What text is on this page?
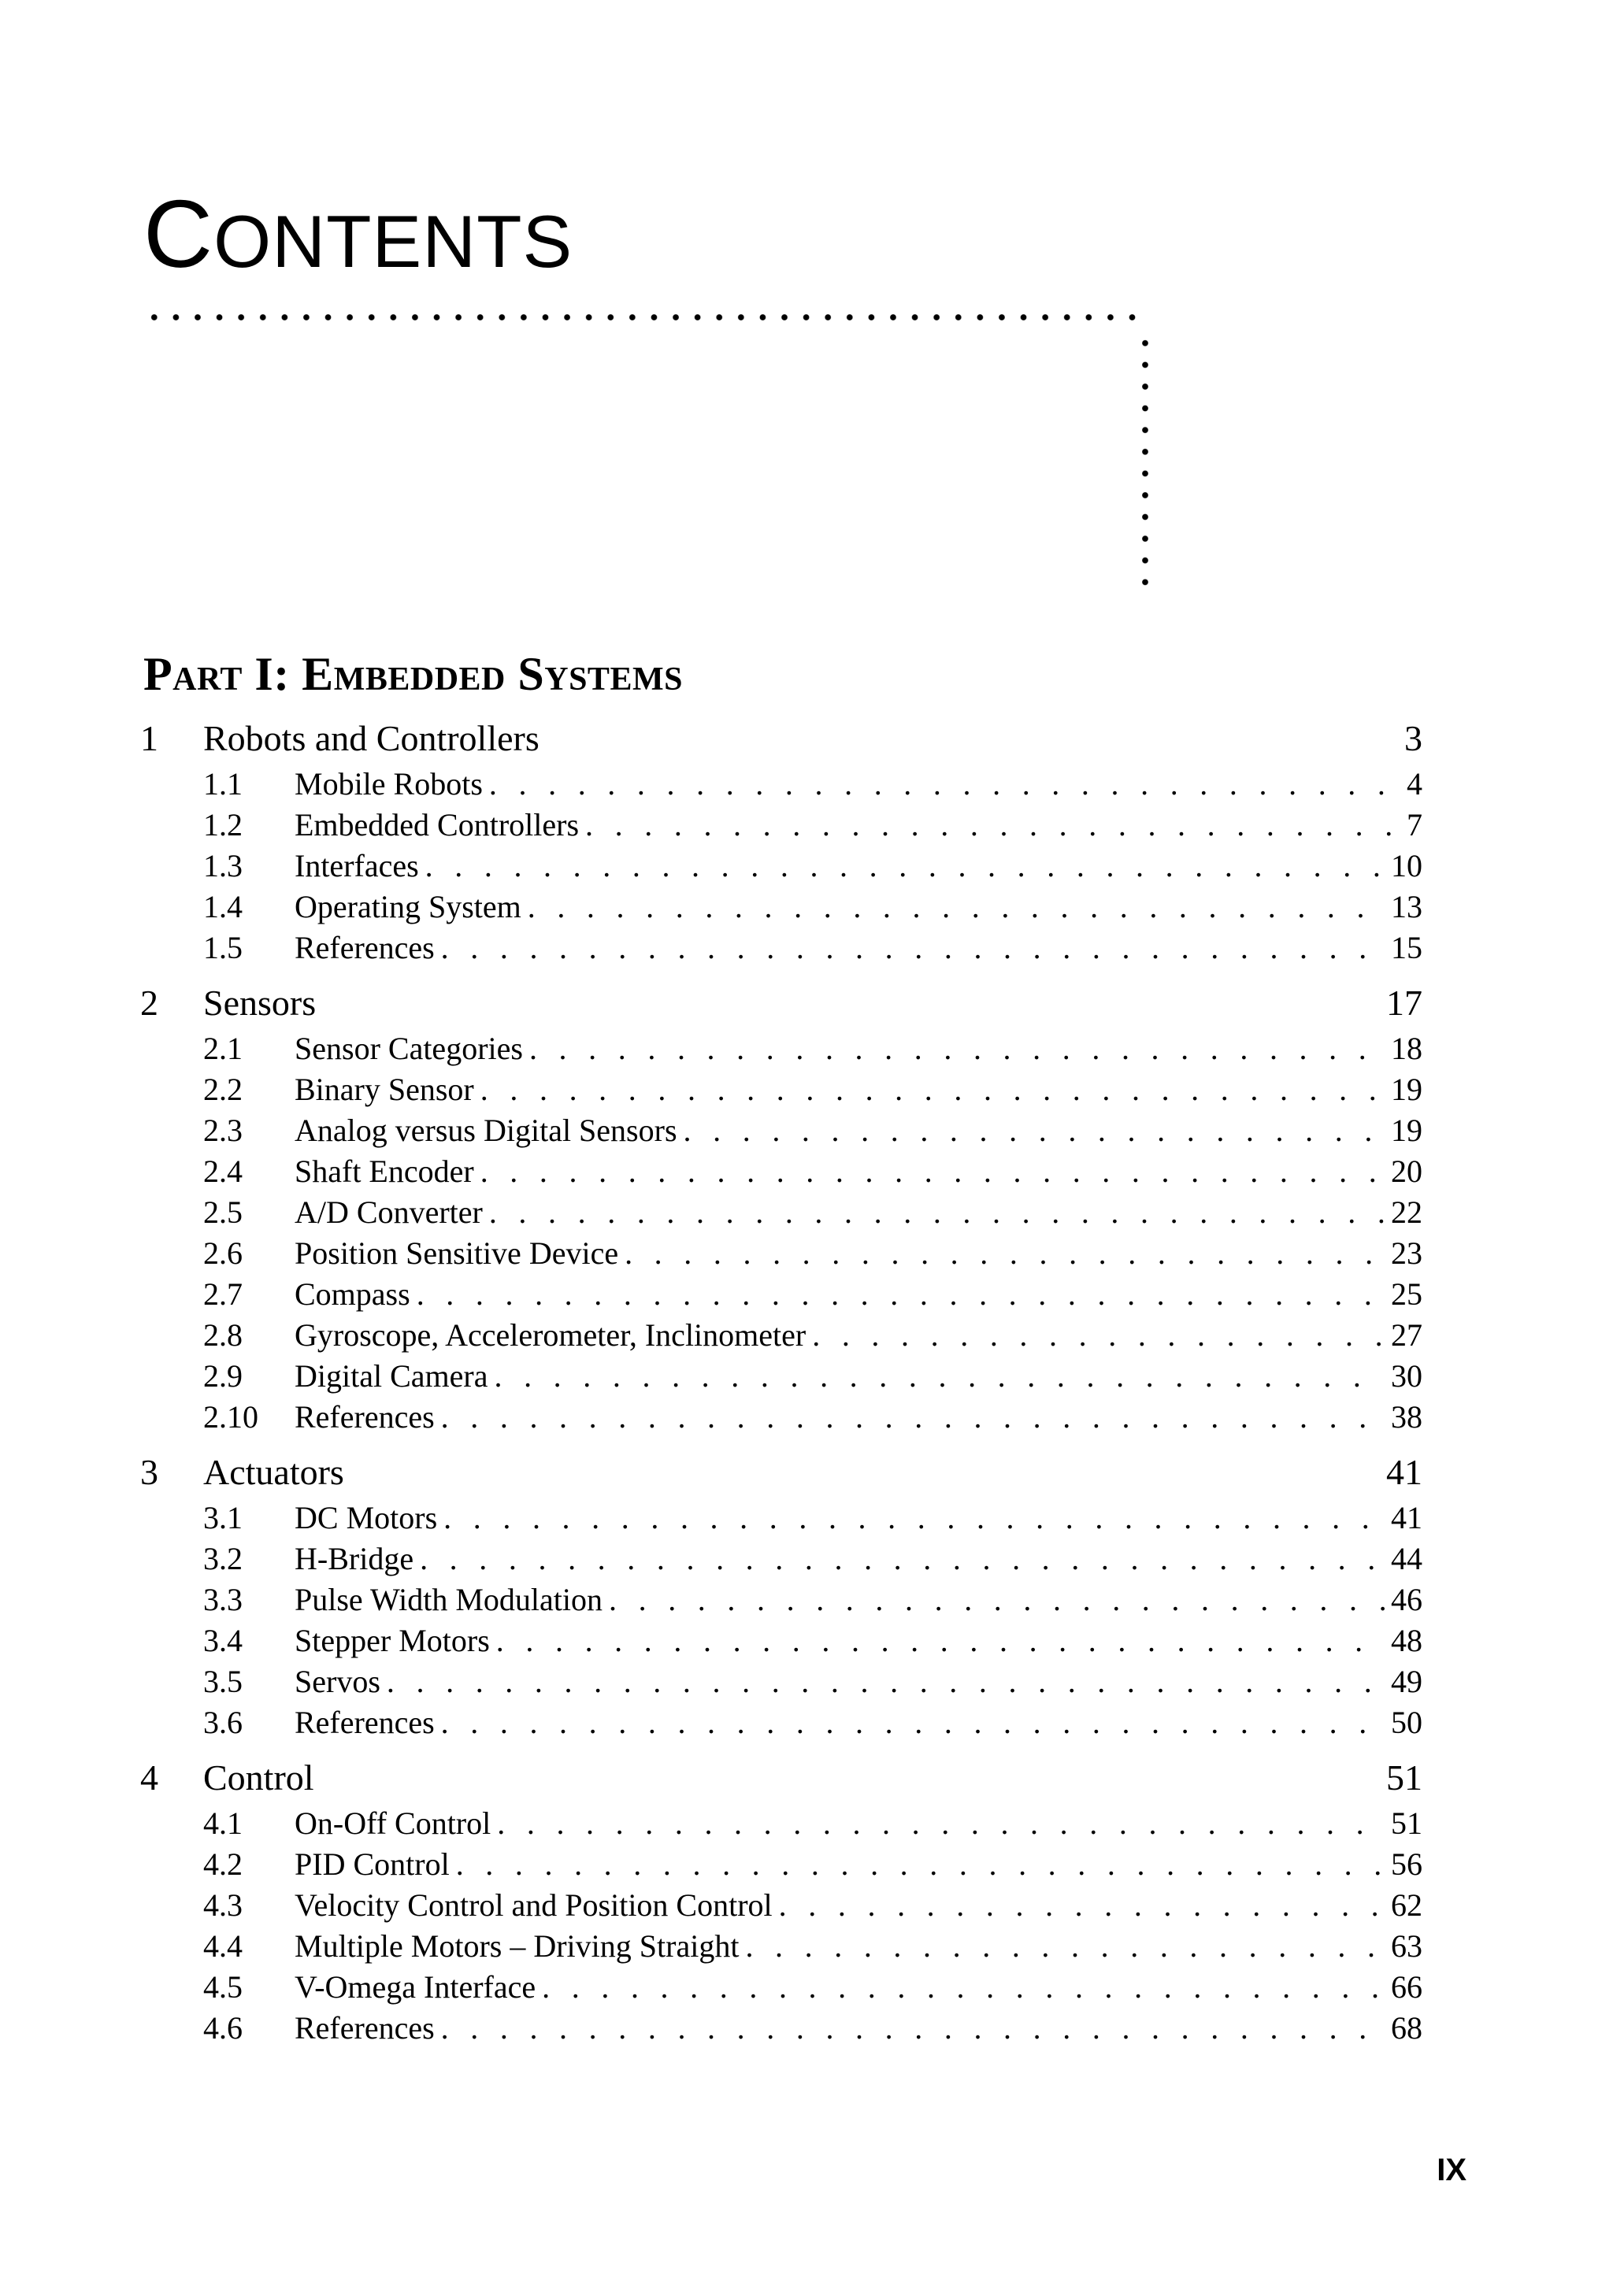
CONTENTS
Part I: Embedded Systems
1 Robots and Controllers	3
1.1 Mobile Robots . . .	4
1.2 Embedded Controllers . . .	7
1.3 Interfaces . . .	10
1.4 Operating System . . .	13
1.5 References . . .	15
2 Sensors	17
2.1 Sensor Categories . . .	18
2.2 Binary Sensor . . .	19
2.3 Analog versus Digital Sensors . . .	19
2.4 Shaft Encoder . . .	20
2.5 A/D Converter . . .	22
2.6 Position Sensitive Device . . .	23
2.7 Compass . . .	25
2.8 Gyroscope, Accelerometer, Inclinometer . . .	27
2.9 Digital Camera . . .	30
2.10 References . . .	38
3 Actuators	41
3.1 DC Motors . . .	41
3.2 H-Bridge . . .	44
3.3 Pulse Width Modulation . . .	46
3.4 Stepper Motors . . .	48
3.5 Servos . . .	49
3.6 References . . .	50
4 Control	51
4.1 On-Off Control . . .	51
4.2 PID Control . . .	56
4.3 Velocity Control and Position Control . . .	62
4.4 Multiple Motors – Driving Straight . . .	63
4.5 V-Omega Interface . . .	66
4.6 References . . .	68
IX
